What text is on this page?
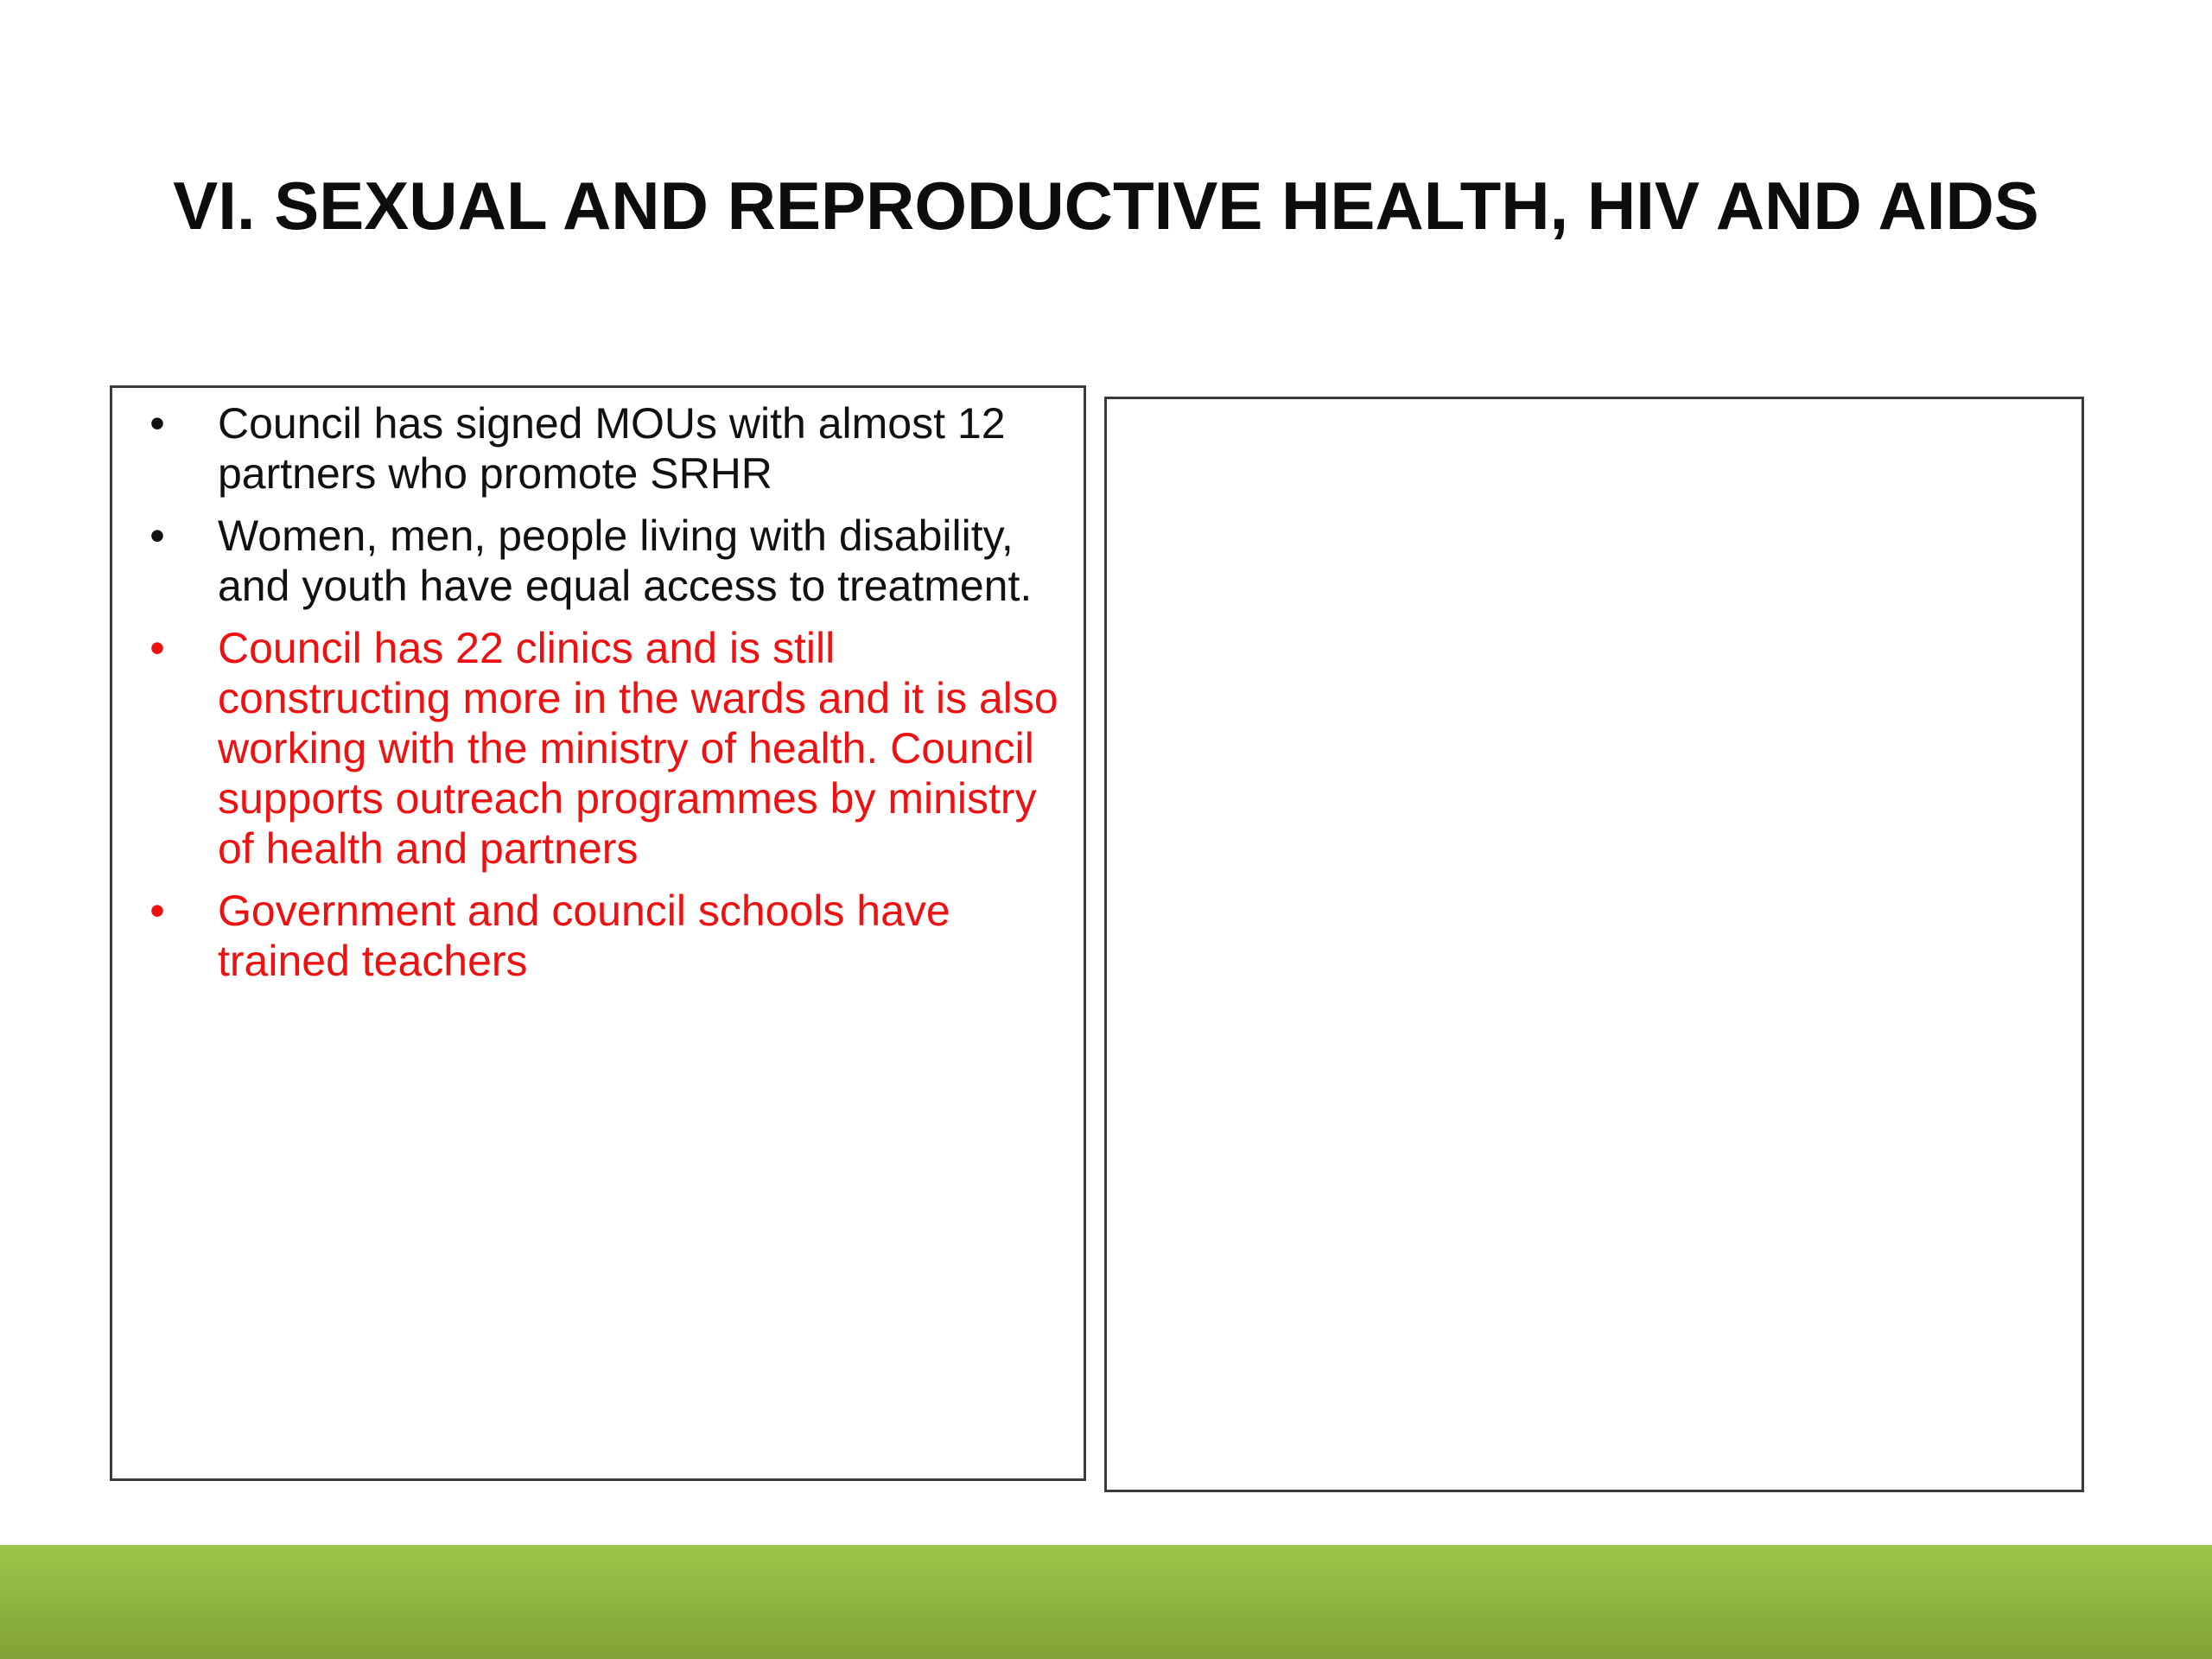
VI. SEXUAL AND REPRODUCTIVE HEALTH, HIV AND AIDS
• Council has signed MOUs with almost 12 partners who promote SRHR
• Women, men, people living with disability, and youth have equal access to treatment.
• Council has 22 clinics and is still constructing more in the wards and it is also working with the ministry of health. Council supports outreach programmes by ministry of health and partners
• Government and council schools have trained teachers
